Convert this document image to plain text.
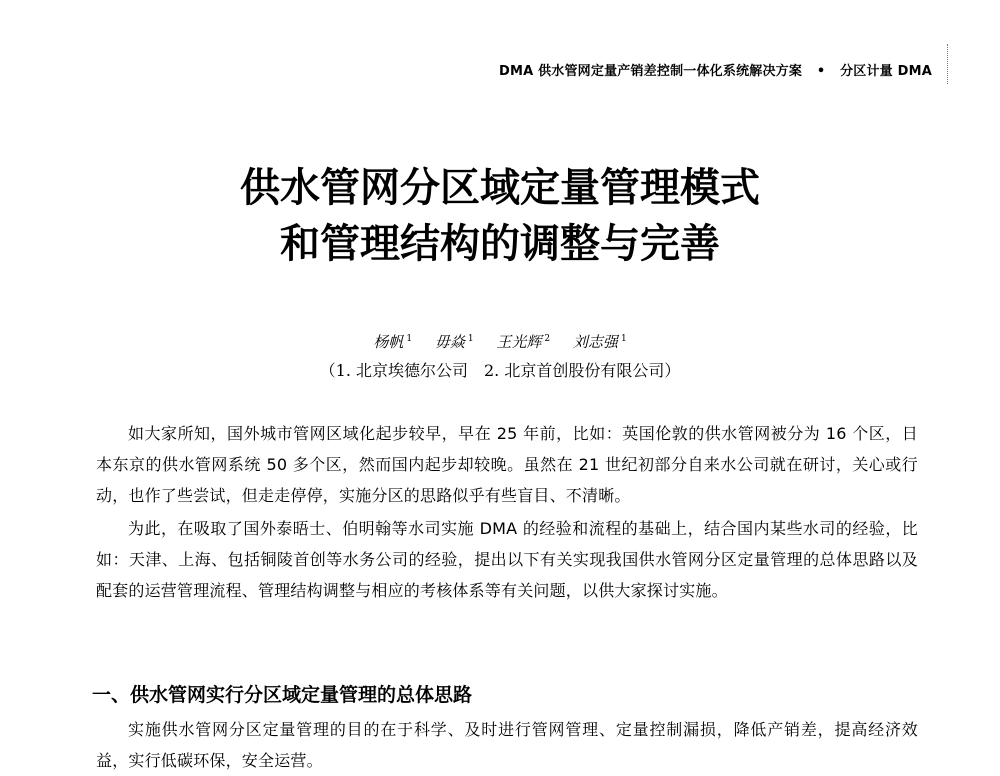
DMA 供水管网定量产销差控制一体化系统解决方案 • 分区计量 DMA
供水管网分区域定量管理模式
和管理结构的调整与完善
杨帆 $^1$ 毋焱 $^1$ 王光辉 $^2$ 刘志强 $^1$
（1. 北京埃德尔公司　2. 北京首创股份有限公司）

如大家所知，国外城市管网区域化起步较早，早在 25 年前，比如：英国伦敦的供水管网被分为 16 个区，日本东京的供水管网系统 50 多个区，然而国内起步却较晚。虽然在 21 世纪初部分自来水公司就在研讨，关心或行动，也作了些尝试，但走走停停，实施分区的思路似乎有些盲目、不清晰。

为此，在吸取了国外泰晤士、伯明翰等水司实施 DMA 的经验和流程的基础上，结合国内某些水司的经验，比如：天津、上海、包括铜陵首创等水务公司的经验，提出以下有关实现我国供水管网分区定量管理的总体思路以及配套的运营管理流程、管理结构调整与相应的考核体系等有关问题，以供大家探讨实施。

一、供水管网实行分区域定量管理的总体思路

实施供水管网分区定量管理的目的在于科学、及时进行管网管理、定量控制漏损，降低产销差，提高经济效益，实行低碳环保，安全运营。
